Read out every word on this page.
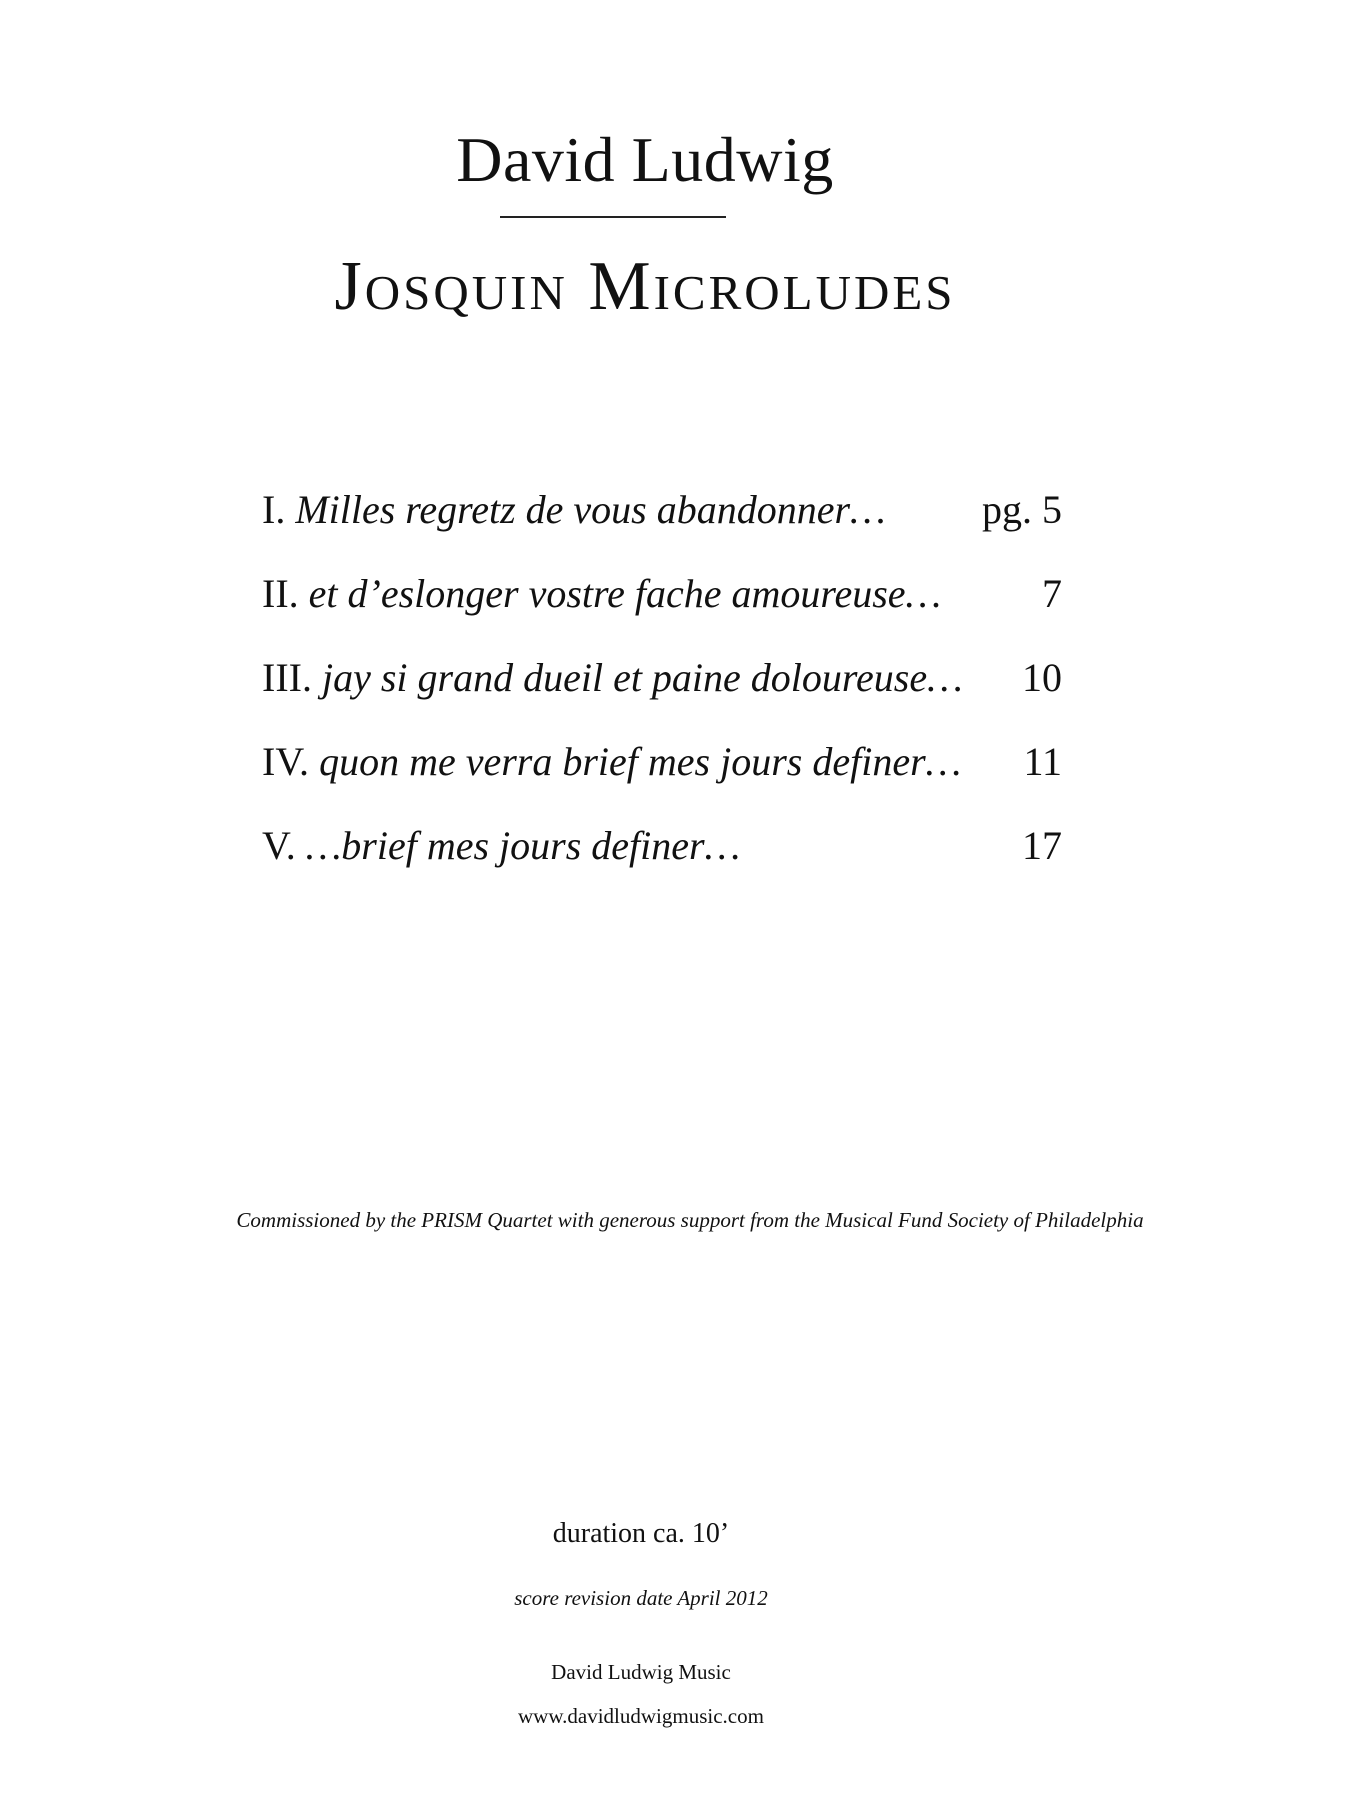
David Ludwig
Josquin Microludes
I. Milles regretz de vous abandonner… pg. 5
II. et d’eslonger vostre fache amoureuse…	7
III. jay si grand dueil et paine doloureuse… 10
IV. quon me verra brief mes jours definer… 11
V. …brief mes jours definer…	17
Commissioned by the PRISM Quartet with generous support from the Musical Fund Society of Philadelphia
duration ca. 10’
score revision date April 2012
David Ludwig Music
www.davidludwigmusic.com
